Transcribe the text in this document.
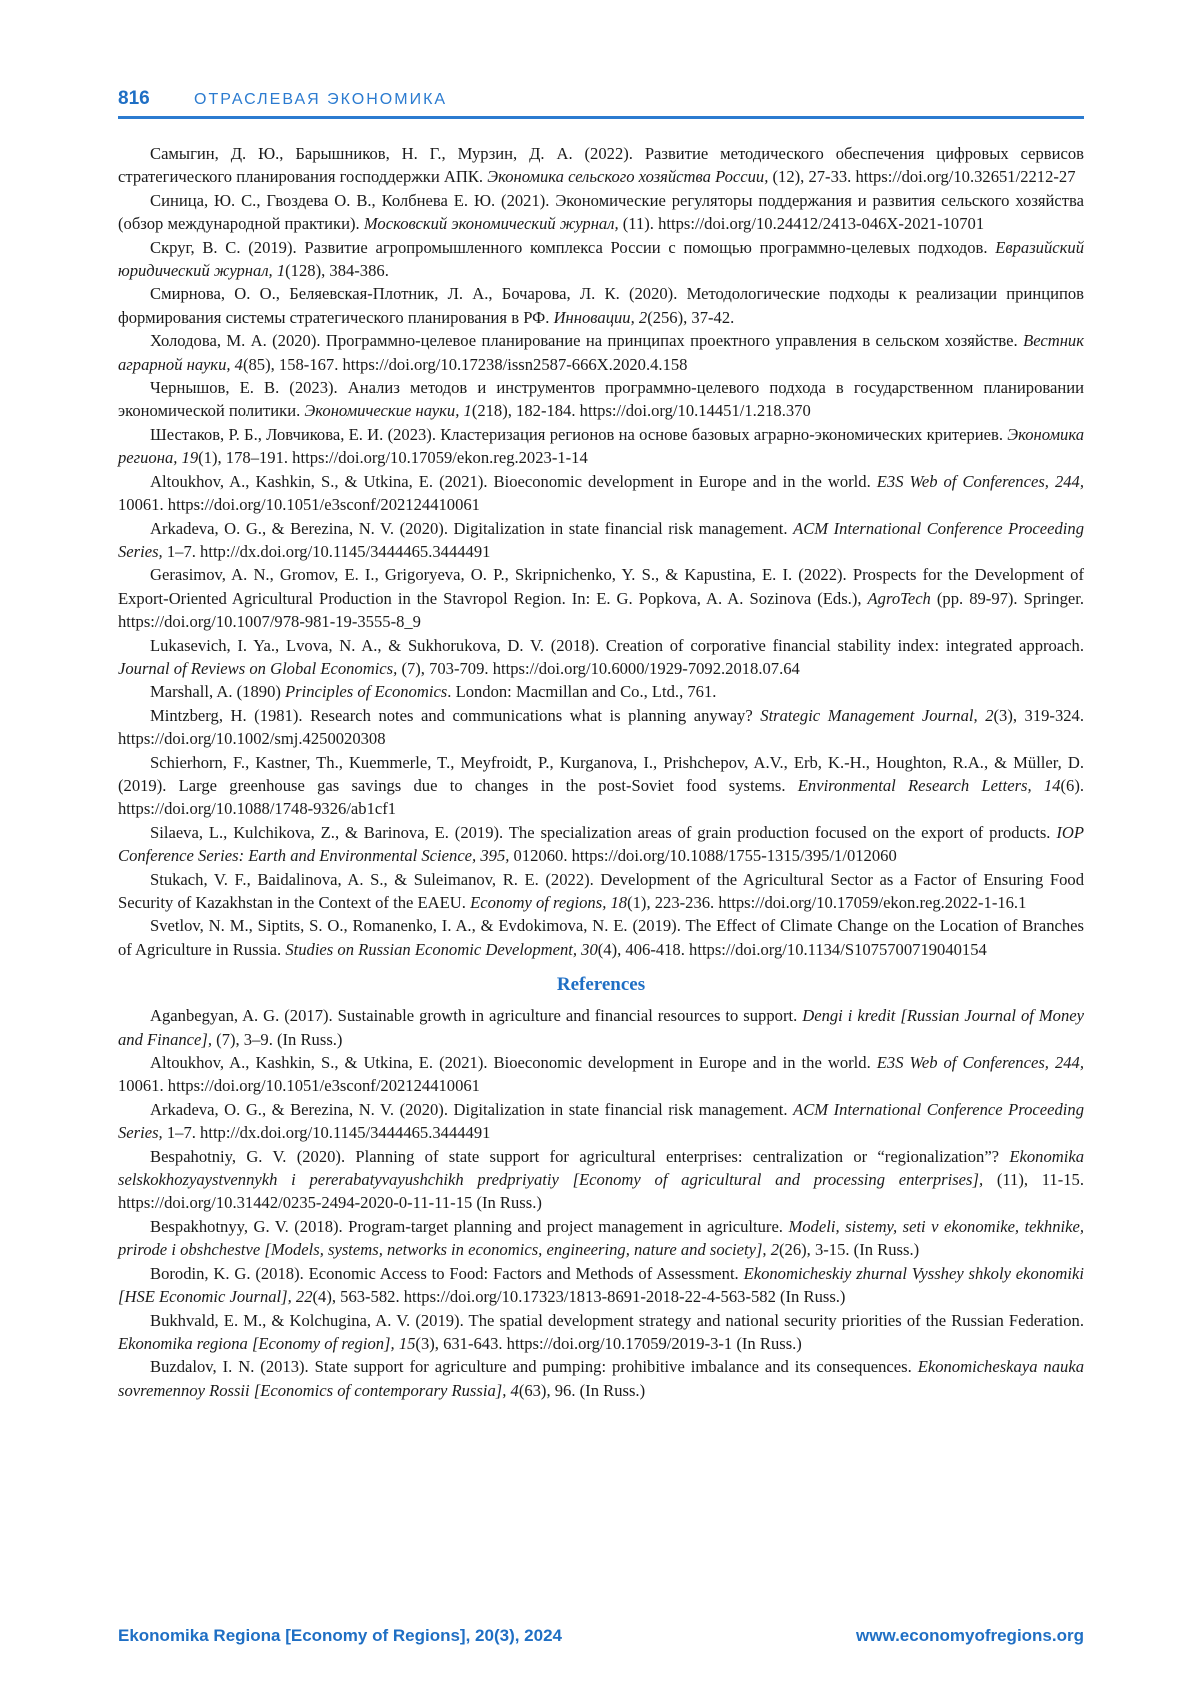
816	ОТРАСЛЕВАЯ ЭКОНОМИКА

Самыгин, Д. Ю., Барышников, Н. Г., Мурзин, Д. А. (2022). Развитие методического обеспечения цифровых сервисов стратегического планирования господдержки АПК. Экономика сельского хозяйства России, (12), 27-33. https://doi.org/10.32651/2212-27

Синица, Ю. С., Гвоздева О. В., Колбнева Е. Ю. (2021). Экономические регуляторы поддержания и развития сельского хозяйства (обзор международной практики). Московский экономический журнал, (11). https://doi.org/10.24412/2413-046Х-2021-10701

Скруг, В. С. (2019). Развитие агропромышленного комплекса России с помощью программно-целевых подходов. Евразийский юридический журнал, 1(128), 384-386.

Смирнова, О. О., Беляевская-Плотник, Л. А., Бочарова, Л. К. (2020). Методологические подходы к реализации принципов формирования системы стратегического планирования в РФ. Инновации, 2(256), 37-42.

Холодова, М. А. (2020). Программно-целевое планирование на принципах проектного управления в сельском хозяйстве. Вестник аграрной науки, 4(85), 158-167. https://doi.org/10.17238/issn2587-666X.2020.4.158

Чернышов, Е. В. (2023). Анализ методов и инструментов программно-целевого подхода в государственном планировании экономической политики. Экономические науки, 1(218), 182-184. https://doi.org/10.14451/1.218.370

Шестаков, Р. Б., Ловчикова, Е. И. (2023). Кластеризация регионов на основе базовых аграрно-экономических критериев. Экономика региона, 19(1), 178–191. https://doi.org/10.17059/ekon.reg.2023-1-14

Altoukhov, A., Kashkin, S., & Utkina, E. (2021). Bioeconomic development in Europe and in the world. E3S Web of Conferences, 244, 10061. https://doi.org/10.1051/e3sconf/202124410061

Arkadeva, O. G., & Berezina, N. V. (2020). Digitalization in state financial risk management. ACM International Conference Proceeding Series, 1–7. http://dx.doi.org/10.1145/3444465.3444491

Gerasimov, A. N., Gromov, E. I., Grigoryeva, O. P., Skripnichenko, Y. S., & Kapustina, E. I. (2022). Prospects for the Development of Export-Oriented Agricultural Production in the Stavropol Region. In: E. G. Popkova, A. A. Sozinova (Eds.), AgroTech (pp. 89-97). Springer. https://doi.org/10.1007/978-981-19-3555-8_9

Lukasevich, I. Ya., Lvova, N. A., & Sukhorukova, D. V. (2018). Creation of corporative financial stability index: integrated approach. Journal of Reviews on Global Economics, (7), 703-709. https://doi.org/10.6000/1929-7092.2018.07.64

Marshall, A. (1890) Principles of Economics. London: Macmillan and Co., Ltd., 761.

Mintzberg, H. (1981). Research notes and communications what is planning anyway? Strategic Management Journal, 2(3), 319-324. https://doi.org/10.1002/smj.4250020308

Schierhorn, F., Kastner, Th., Kuemmerle, T., Meyfroidt, P., Kurganova, I., Prishchepov, A.V., Erb, K.-H., Houghton, R.A., & Müller, D. (2019). Large greenhouse gas savings due to changes in the post-Soviet food systems. Environmental Research Letters, 14(6). https://doi.org/10.1088/1748-9326/ab1cf1

Silaeva, L., Kulchikova, Z., & Barinova, E. (2019). The specialization areas of grain production focused on the export of products. IOP Conference Series: Earth and Environmental Science, 395, 012060. https://doi.org/10.1088/1755-1315/395/1/012060

Stukach, V. F., Baidalinova, A. S., & Suleimanov, R. E. (2022). Development of the Agricultural Sector as a Factor of Ensuring Food Security of Kazakhstan in the Context of the EAEU. Economy of regions, 18(1), 223-236. https://doi.org/10.17059/ekon.reg.2022-1-16.1

Svetlov, N. M., Siptits, S. O., Romanenko, I. A., & Evdokimova, N. E. (2019). The Effect of Climate Change on the Location of Branches of Agriculture in Russia. Studies on Russian Economic Development, 30(4), 406-418. https://doi.org/10.1134/S1075700719040154

References

Aganbegyan, A. G. (2017). Sustainable growth in agriculture and financial resources to support. Dengi i kredit [Russian Journal of Money and Finance], (7), 3–9. (In Russ.)

Altoukhov, A., Kashkin, S., & Utkina, E. (2021). Bioeconomic development in Europe and in the world. E3S Web of Conferences, 244, 10061. https://doi.org/10.1051/e3sconf/202124410061

Arkadeva, O. G., & Berezina, N. V. (2020). Digitalization in state financial risk management. ACM International Conference Proceeding Series, 1–7. http://dx.doi.org/10.1145/3444465.3444491

Bespahotniy, G. V. (2020). Planning of state support for agricultural enterprises: centralization or “regionalization”? Ekonomika selskokhozyaystvennykh i pererabatyvayushchikh predpriyatiy [Economy of agricultural and processing enterprises], (11), 11-15. https://doi.org/10.31442/0235-2494-2020-0-11-11-15 (In Russ.)

Bespakhotnyy, G. V. (2018). Program-target planning and project management in agriculture. Modeli, sistemy, seti v ekonomike, tekhnike, prirode i obshchestve [Models, systems, networks in economics, engineering, nature and society], 2(26), 3-15. (In Russ.)

Borodin, K. G. (2018). Economic Access to Food: Factors and Methods of Assessment. Ekonomicheskiy zhurnal Vysshey shkoly ekonomiki [HSE Economic Journal], 22(4), 563-582. https://doi.org/10.17323/1813-8691-2018-22-4-563-582 (In Russ.)

Bukhvald, E. M., & Kolchugina, A. V. (2019). The spatial development strategy and national security priorities of the Russian Federation. Ekonomika regiona [Economy of region], 15(3), 631-643. https://doi.org/10.17059/2019-3-1 (In Russ.)

Buzdalov, I. N. (2013). State support for agriculture and pumping: prohibitive imbalance and its consequences. Ekonomicheskaya nauka sovremennoy Rossii [Economics of contemporary Russia], 4(63), 96. (In Russ.)

Ekonomika Regiona [Economy of Regions], 20(3), 2024	www.economyofregions.org
